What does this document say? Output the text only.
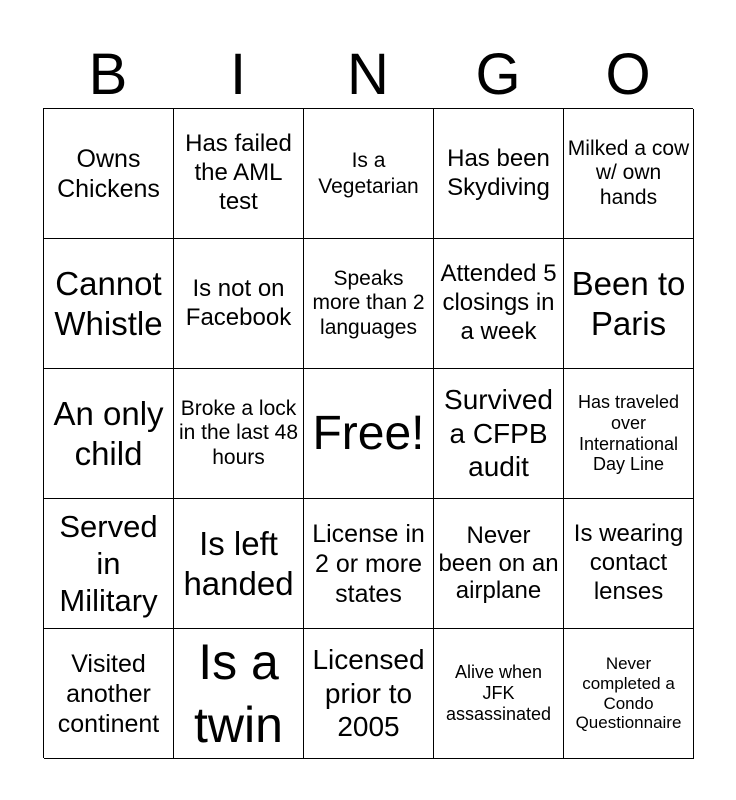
B	I	N	G	O
Owns Chickens
Has failed the AML test
Is a Vegetarian
Has been Skydiving
Milked a cow w/ own hands
Cannot Whistle
Is not on Facebook
Speaks more than 2 languages
Attended 5 closings in a week
Been to Paris
An only child
Broke a lock in the last 48 hours Free!
Survived a CFPB audit
Has traveled over International Day Line
Served in Military
Is left handed
License in 2 or more states
Never been on an airplane
Is wearing contact lenses
Visited another continent
Is a twin
Licensed prior to 2005
Alive when JFK assassinated
Never completed a Condo Questionnaire
